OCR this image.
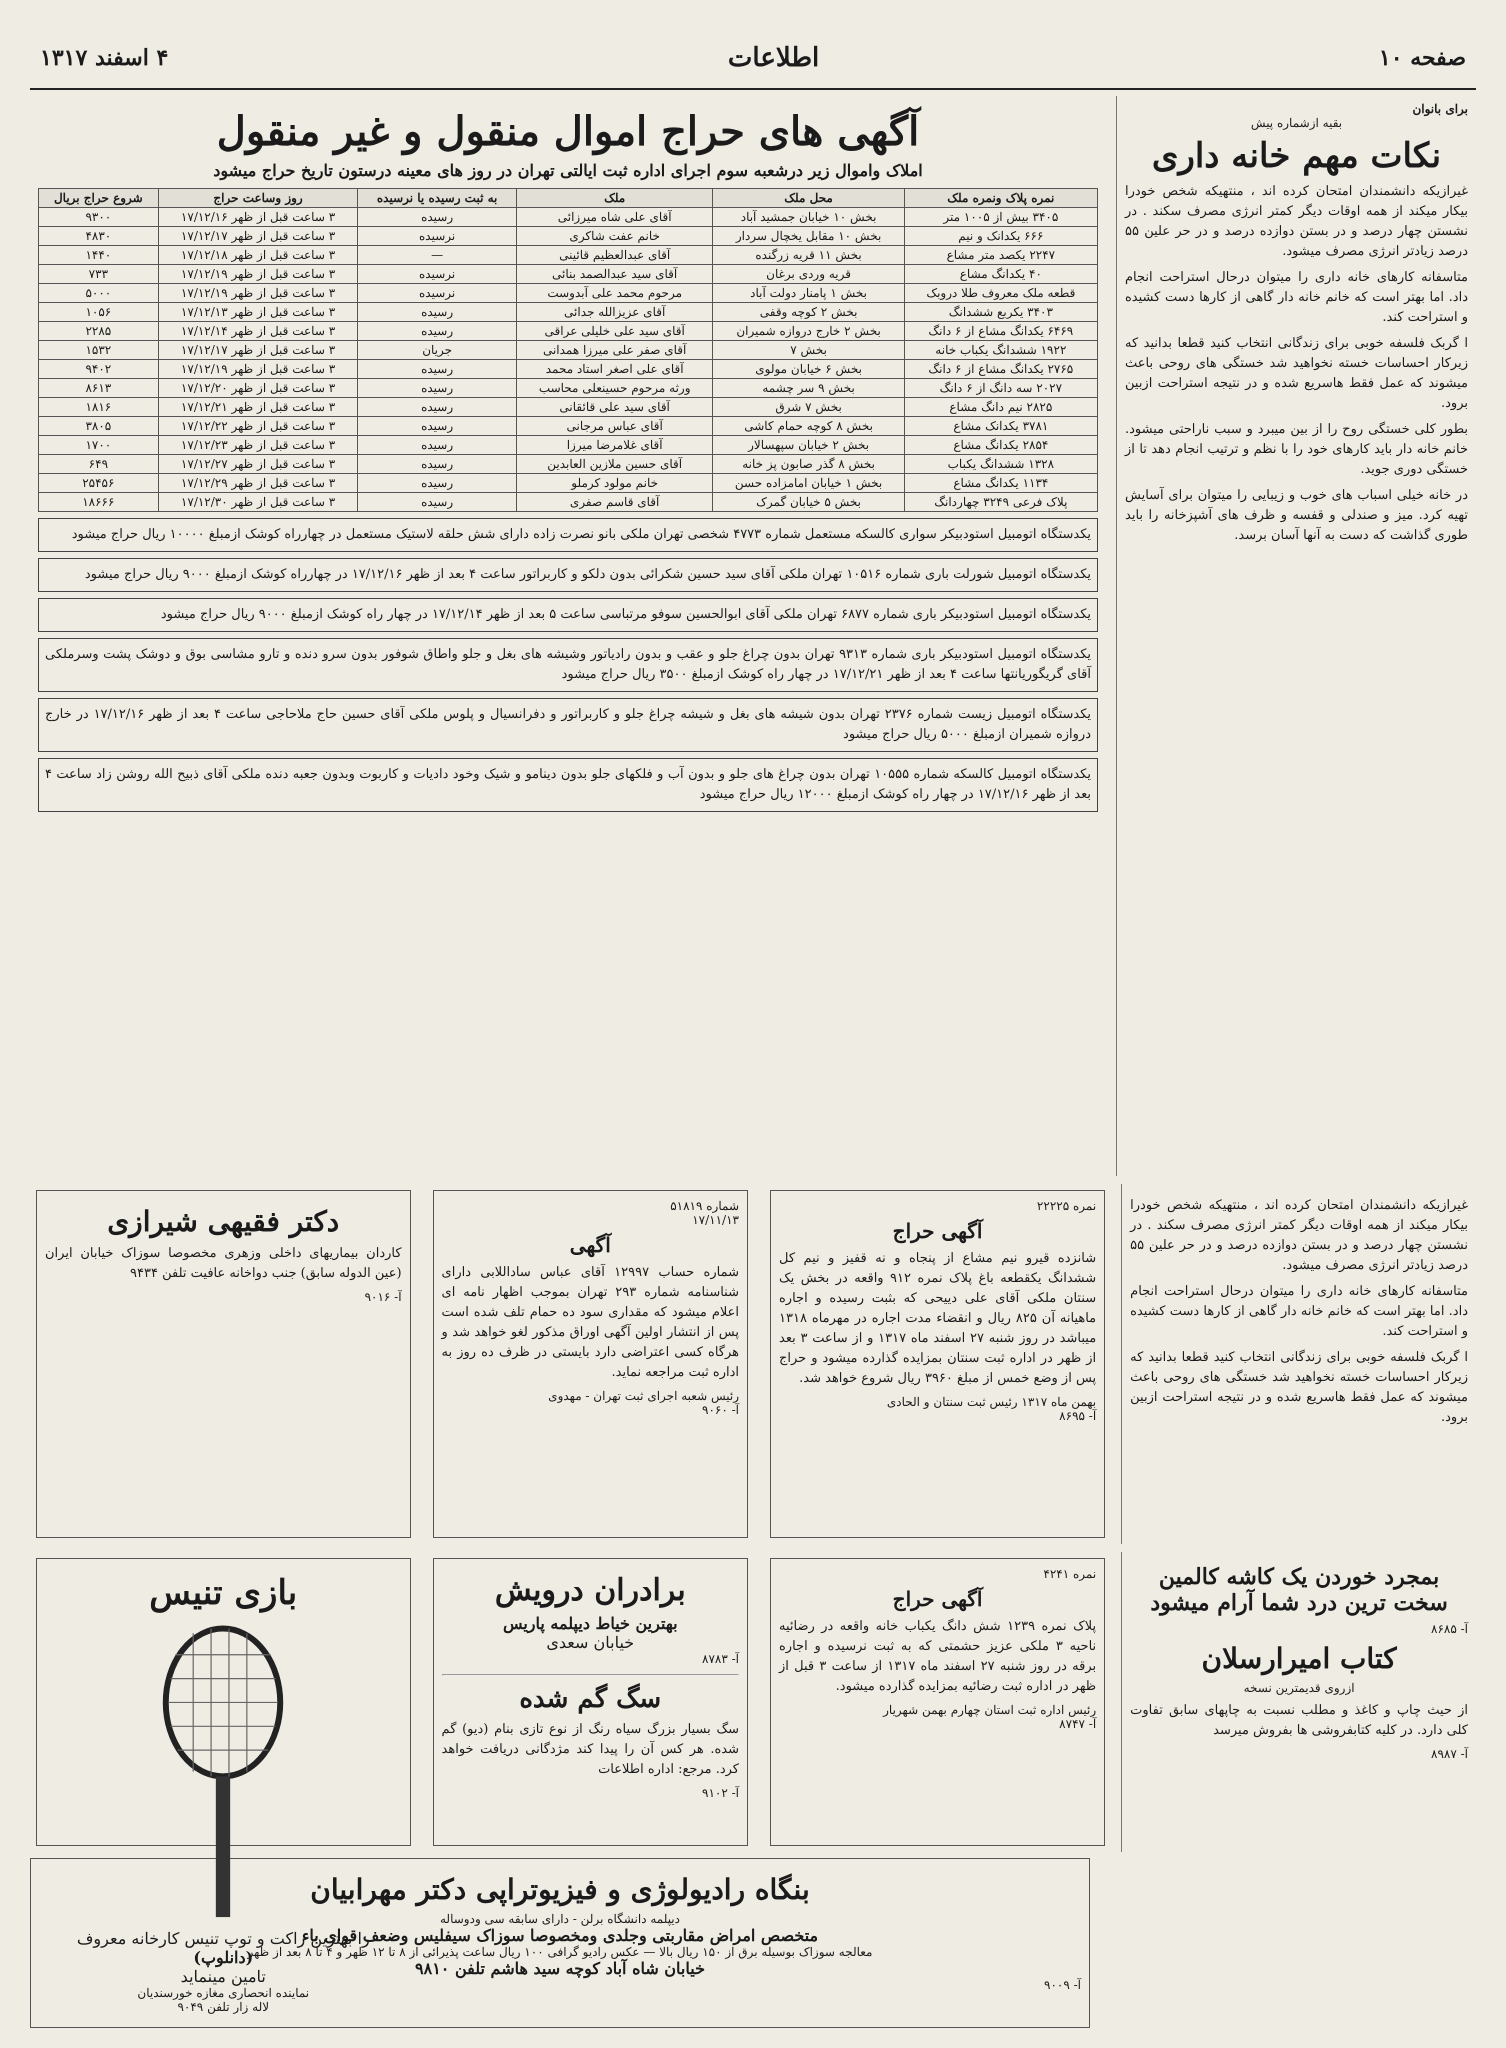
صفحه ۱۰
اطلاعات
۴ اسفند ۱۳۱۷
برای بانوان
بقیه ازشماره پیش
نکات مهم خانه داری

غیرازیکه دانشمندان امتحان کرده اند ، منتهیکه شخص خودرا بیکار میکند از همه اوقات دیگر کمتر انرژی مصرف سکند . در نشستن چهار درصد و در بستن دوازده درصد و در حر علین ۵۵ درصد زیادتر انرژی مصرف میشود.

متاسفانه کارهای خانه داری را میتوان درحال استراحت انجام داد. اما بهتر است که خانم خانه دار گاهی از کارها دست کشیده و استراحت کند.

ا گربک فلسفه خوبی برای زندگانی انتخاب کنید قطعا بدانید که زیرکار احساسات خسته نخواهید شد خستگی های روحی باعث میشوند که عمل فقط هاسریع شده و در نتیجه استراحت ازبین برود.

بطور کلی خستگی روح را از بین میبرد و سبب ناراحتی میشود. خانم خانه دار باید کارهای خود را با نظم و ترتیب انجام دهد تا از خستگی دوری جوید.

در خانه خیلی اسباب های خوب و زیبایی را میتوان برای آسایش تهیه کرد. میز و صندلی و قفسه و ظرف های آشپزخانه را باید طوری گذاشت که دست به آنها آسان برسد.

آگهی های حراج اموال منقول و غیر منقول
املاک واموال زیر درشعبه سوم اجرای اداره ثبت ایالتی تهران در روز های معینه درستون تاریخ حراج میشود
نمره پلاک ونمره ملک	محل ملک	ملک	به ثبت رسیده یا نرسیده	روز وساعت حراج	شروع حراج بریال
۳۴۰۵ بیش از ۱۰۰۵ متر	بخش ۱۰ خیابان جمشید آباد	آقای علی شاه میرزائی	رسیده	۳ ساعت قبل از ظهر ۱۷/۱۲/۱۶	۹۳۰۰
۶۶۶ یکدانک و نیم	بخش ۱۰ مقابل یخچال سردار	خانم عفت شاکری	نرسیده	۳ ساعت قبل از ظهر ۱۷/۱۲/۱۷	۴۸۳۰
۲۲۴۷ یکصد متر مشاع	بخش ۱۱ قریه زرگنده	آقای عبدالعظیم قائینی	—	۳ ساعت قبل از ظهر ۱۷/۱۲/۱۸	۱۴۴۰
۴۰ یکدانگ مشاع	قریه وردی برغان	آقای سید عبدالصمد بنائی	نرسیده	۳ ساعت قبل از ظهر ۱۷/۱۲/۱۹	۷۳۳
قطعه ملک معروف طلا دروبک	بخش ۱ پامنار دولت آباد	مرحوم محمد علی آبدوست	نرسیده	۳ ساعت قبل از ظهر ۱۷/۱۲/۱۹	۵۰۰۰
۳۴۰۳ یکربع ششدانگ	بخش ۲ کوچه وقفی	آقای عزیزالله جدائی	رسیده	۳ ساعت قبل از ظهر ۱۷/۱۲/۱۳	۱۰۵۶
۶۴۶۹ یکدانگ مشاع از ۶ دانگ	بخش ۲ خارج دروازه شمیران	آقای سید علی خلیلی عراقی	رسیده	۳ ساعت قبل از ظهر ۱۷/۱۲/۱۴	۲۲۸۵
۱۹۲۲ ششدانگ یکباب خانه	بخش ۷	آقای صفر علی میرزا همدانی	جریان	۳ ساعت قبل از ظهر ۱۷/۱۲/۱۷	۱۵۳۲
۲۷۶۵ یکدانگ مشاع از ۶ دانگ	بخش ۶ خیابان مولوی	آقای علی اصغر استاد محمد	رسیده	۳ ساعت قبل از ظهر ۱۷/۱۲/۱۹	۹۴۰۲
۲۰۲۷ سه دانگ از ۶ دانگ	بخش ۹ سر چشمه	ورثه مرحوم حسینعلی محاسب	رسیده	۳ ساعت قبل از ظهر ۱۷/۱۲/۲۰	۸۶۱۳
۲۸۲۵ نیم دانگ مشاع	بخش ۷ شرق	آقای سید علی قائقانی	رسیده	۳ ساعت قبل از ظهر ۱۷/۱۲/۲۱	۱۸۱۶
۳۷۸۱ یکدانک مشاع	بخش ۸ کوچه حمام کاشی	آقای عباس مرجانی	رسیده	۳ ساعت قبل از ظهر ۱۷/۱۲/۲۲	۳۸۰۵
۲۸۵۴ یکدانگ مشاع	بخش ۲ خیابان سپهسالار	آقای غلامرضا میرزا	رسیده	۳ ساعت قبل از ظهر ۱۷/۱۲/۲۳	۱۷۰۰
۱۳۲۸ ششدانگ یکباب	بخش ۸ گذر صابون پز خانه	آقای حسین ملازین العابدین	رسیده	۳ ساعت قبل از ظهر ۱۷/۱۲/۲۷	۶۴۹
۱۱۳۴ یکدانگ مشاع	بخش ۱ خیابان امامزاده حسن	خانم مولود کرملو	رسیده	۳ ساعت قبل از ظهر ۱۷/۱۲/۲۹	۲۵۴۵۶
پلاک فرعی ۳۲۴۹ چهاردانگ	بخش ۵ خیابان گمرک	آقای قاسم صفری	رسیده	۳ ساعت قبل از ظهر ۱۷/۱۲/۳۰	۱۸۶۶۶

یکدستگاه اتومبیل استودبیکر سواری کالسکه مستعمل شماره ۴۷۷۳ شخصی تهران ملکی بانو نصرت زاده دارای شش حلقه لاستیک مستعمل در چهارراه کوشک ازمبلغ ۱۰۰۰۰ ریال حراج میشود

یکدستگاه اتومبیل شورلت باری شماره ۱۰۵۱۶ تهران ملکی آقای سید حسین شکرائی بدون دلکو و کاربراتور ساعت ۴ بعد از ظهر ۱۷/۱۲/۱۶ در چهارراه کوشک ازمبلغ ۹۰۰۰ ریال حراج میشود

یکدستگاه اتومبیل استودبیکر باری شماره ۶۸۷۷ تهران ملکی آقای ابوالحسین سوفو مرتباسی ساعت ۵ بعد از ظهر ۱۷/۱۲/۱۴ در چهار راه کوشک ازمبلغ ۹۰۰۰ ریال حراج میشود

یکدستگاه اتومبیل استودبیکر باری شماره ۹۳۱۳ تهران بدون چراغ جلو و عقب و بدون رادیاتور وشیشه های بغل و جلو واطاق شوفور بدون سرو دنده و تارو مشاسی بوق و دوشک پشت وسرملکی آقای گریگوریانتها ساعت ۴ بعد از ظهر ۱۷/۱۲/۲۱ در چهار راه کوشک ازمبلغ ۳۵۰۰ ریال حراج میشود

یکدستگاه اتومبیل زیست شماره ۲۳۷۶ تهران بدون شیشه های بغل و شیشه چراغ جلو و کاربراتور و دفرانسیال و پلوس ملکی آقای حسین حاج ملاحاجی ساعت ۴ بعد از ظهر ۱۷/۱۲/۱۶ در خارج دروازه شمیران ازمبلغ ۵۰۰۰ ریال حراج میشود

یکدستگاه اتومبیل کالسکه شماره ۱۰۵۵۵ تهران بدون چراغ های جلو و بدون آب و فلکهای جلو بدون دینامو و شیک وخود دادیات و کاربوت وبدون جعبه دنده ملکی آقای ذبیح الله روشن زاد ساعت ۴ بعد از ظهر ۱۷/۱۲/۱۶ در چهار راه کوشک ازمبلغ ۱۲۰۰۰ ریال حراج میشود

غیرازیکه دانشمندان امتحان کرده اند ، منتهیکه شخص خودرا بیکار میکند از همه اوقات دیگر کمتر انرژی مصرف سکند . در نشستن چهار درصد و در بستن دوازده درصد و در حر علین ۵۵ درصد زیادتر انرژی مصرف میشود.

متاسفانه کارهای خانه داری را میتوان درحال استراحت انجام داد. اما بهتر است که خانم خانه دار گاهی از کارها دست کشیده و استراحت کند.

ا گربک فلسفه خوبی برای زندگانی انتخاب کنید قطعا بدانید که زیرکار احساسات خسته نخواهید شد خستگی های روحی باعث میشوند که عمل فقط هاسریع شده و در نتیجه استراحت ازبین برود.

نمره ۲۲۲۲۵
آگهی حراج

شانزده قیرو نیم مشاع از پنجاه و نه قفیز و نیم کل ششدانگ یکقطعه باغ پلاک نمره ۹۱۲ واقعه در بخش یک سنتان ملکی آقای علی دییحی که بثبت رسیده و اجاره ماهیانه آن ۸۲۵ ریال و انقضاء مدت اجاره در مهرماه ۱۳۱۸ میباشد در روز شنبه ۲۷ اسفند ماه ۱۳۱۷ و از ساعت ۳ بعد از ظهر در اداره ثبت سنتان بمزایده گذارده میشود و حراج پس از وضع خمس از مبلغ ۳۹۶۰ ریال شروع خواهد شد.

بهمن ماه ۱۳۱۷ رئیس ثبت سنتان و الحادی
آ- ۸۶۹۵
شماره ۵۱۸۱۹
۱۷/۱۱/۱۳
آگهی

شماره حساب ۱۲۹۹۷ آقای عباس ساداللابی دارای شناسنامه شماره ۲۹۳ تهران بموجب اظهار نامه ای اعلام میشود که مقداری سود ده حمام تلف شده است پس از انتشار اولین آگهی اوراق مذکور لغو خواهد شد و هرگاه کسی اعتراضی دارد بایستی در ظرف ده روز به اداره ثبت مراجعه نماید.

رئیس شعبه اجرای ثبت تهران - مهدوی
آ- ۹۰۶۰
دکتر فقیهی شیرازی

کاردان بیماریهای داخلی وزهری مخصوصا سوزاک خیابان ایران (عین الدوله سابق) جنب دواخانه عافیت تلفن ۹۴۳۴

آ- ۹۰۱۶
بمجرد خوردن یک کاشه کالمین سخت ترین درد شما آرام میشود
آ- ۸۶۸۵
کتاب امیرارسلان
ازروی قدیمترین نسخه

از حیث چاپ و کاغذ و مطلب نسبت به چاپهای سابق تفاوت کلی دارد. در کلیه کتابفروشی ها بفروش میرسد

آ- ۸۹۸۷
نمره ۴۲۴۱
آگهی حراج

پلاک نمره ۱۲۳۹ شش دانگ یکباب خانه واقعه در رضائیه ناحیه ۳ ملکی عزیز حشمتی که به ثبت نرسیده و اجاره برقه در روز شنبه ۲۷ اسفند ماه ۱۳۱۷ از ساعت ۳ قبل از ظهر در اداره ثبت رضائیه بمزایده گذارده میشود.

رئیس اداره ثبت استان چهارم بهمن شهریار
آ- ۸۷۴۷
برادران درویش
بهترین خیاط دیپلمه پاریس
خیابان سعدی
آ- ۸۷۸۳
سگ گم شده

سگ بسیار بزرگ سیاه رنگ از نوع تازی بنام (دیو) گم شده. هر کس آن را پیدا کند مژدگانی دریافت خواهد کرد. مرجع: اداره اطلاعات

آ- ۹۱۰۲
بازی تنیس
را بهترین راکت و توپ تنیس کارخانه معروف
(دانلوپ)
تامین مینماید
نماینده انحصاری مغازه خورسندیان
لاله زار تلفن ۹۰۴۹
بنگاه رادیولوژی و فیزیوتراپی دکتر مهرابیان
دیپلمه دانشگاه برلن - دارای سابقه سی ودوساله
متخصص امراض مقاربتی وجلدی ومخصوصا سوزاک سیفلیس وضعف قوای باء
معالجه سوزاک بوسیله برق از ۱۵۰ ریال بالا — عکس رادیو گرافی ۱۰۰ ریال ساعت پذیرائی از ۸ تا ۱۲ ظهر و ۴ تا ۸ بعد از ظهر
خیابان شاه آباد کوچه سید هاشم تلفن ۹۸۱۰
آ- ۹۰۰۹
